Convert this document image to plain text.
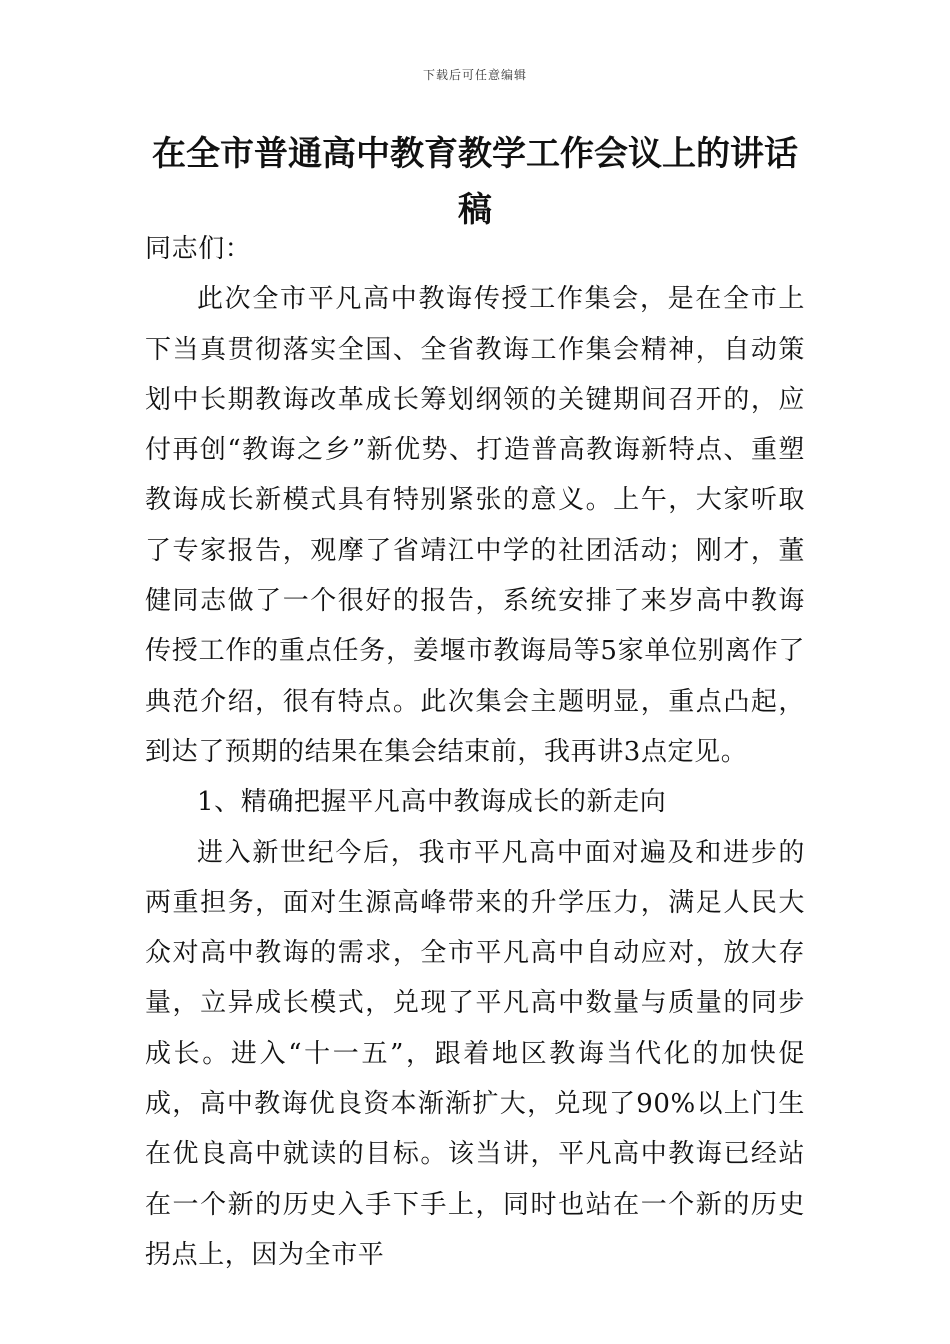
下载后可任意编辑
在全市普通高中教育教学工作会议上的讲话稿

同志们：

此次全市平凡高中教诲传授工作集会，是在全市上下当真贯彻落实全国、全省教诲工作集会精神，自动策划中长期教诲改革成长筹划纲领的关键期间召开的，应付再创“教诲之乡”新优势、打造普高教诲新特点、重塑教诲成长新模式具有特别紧张的意义。上午，大家听取了专家报告，观摩了省靖江中学的社团活动；刚才，董健同志做了一个很好的报告，系统安排了来岁高中教诲传授工作的重点任务，姜堰市教诲局等5家单位别离作了典范介绍，很有特点。此次集会主题明显，重点凸起，到达了预期的结果在集会结束前，我再讲3点定见。

1、精确把握平凡高中教诲成长的新走向

进入新世纪今后，我市平凡高中面对遍及和进步的两重担务，面对生源高峰带来的升学压力，满足人民大众对高中教诲的需求，全市平凡高中自动应对，放大存量，立异成长模式，兑现了平凡高中数量与质量的同步成长。进入“十一五”，跟着地区教诲当代化的加快促成，高中教诲优良资本渐渐扩大，兑现了90%以上门生在优良高中就读的目标。该当讲，平凡高中教诲已经站在一个新的历史入手下手上，同时也站在一个新的历史拐点上，因为全市平
